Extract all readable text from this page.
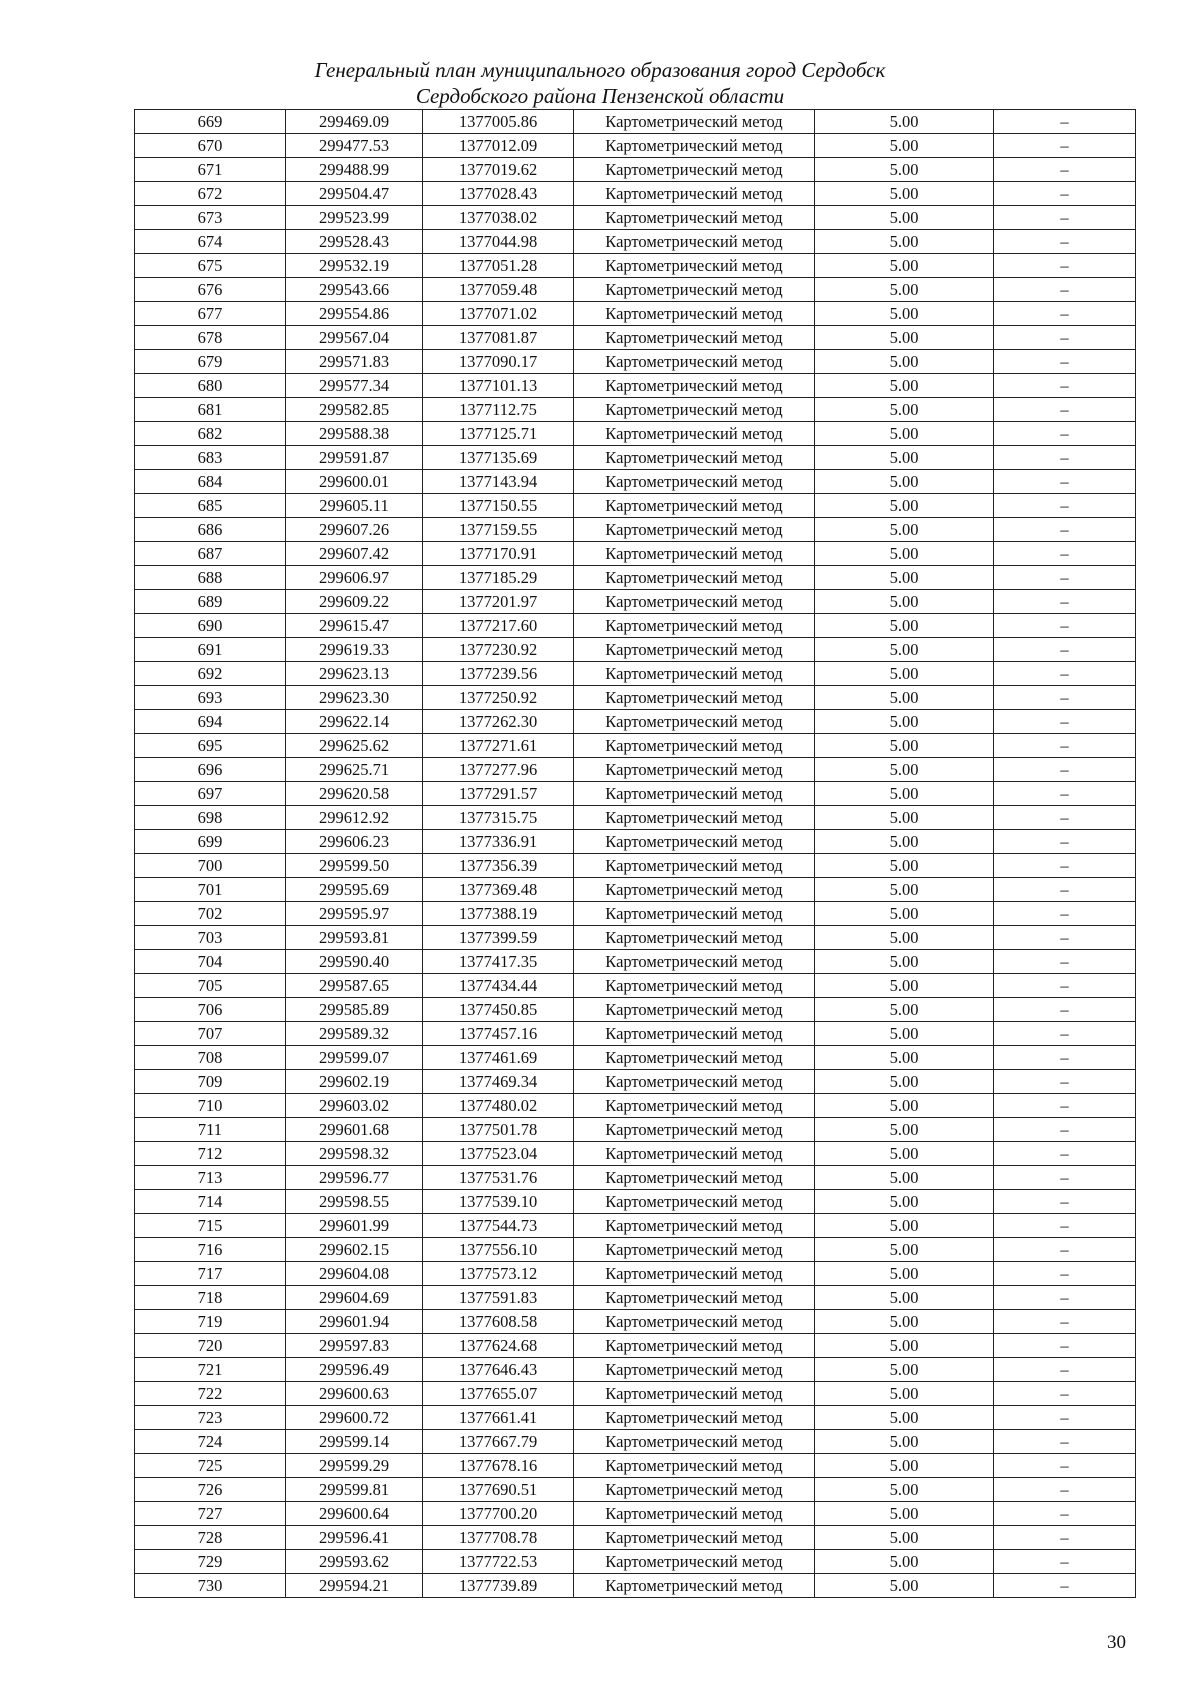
Генеральный план муниципального образования город Сердобск
Сердобского района Пензенской области
669	299469.09	1377005.86	Картометрический метод	5.00	–
670	299477.53	1377012.09	Картометрический метод	5.00	–
671	299488.99	1377019.62	Картометрический метод	5.00	–
672	299504.47	1377028.43	Картометрический метод	5.00	–
673	299523.99	1377038.02	Картометрический метод	5.00	–
674	299528.43	1377044.98	Картометрический метод	5.00	–
675	299532.19	1377051.28	Картометрический метод	5.00	–
676	299543.66	1377059.48	Картометрический метод	5.00	–
677	299554.86	1377071.02	Картометрический метод	5.00	–
678	299567.04	1377081.87	Картометрический метод	5.00	–
679	299571.83	1377090.17	Картометрический метод	5.00	–
680	299577.34	1377101.13	Картометрический метод	5.00	–
681	299582.85	1377112.75	Картометрический метод	5.00	–
682	299588.38	1377125.71	Картометрический метод	5.00	–
683	299591.87	1377135.69	Картометрический метод	5.00	–
684	299600.01	1377143.94	Картометрический метод	5.00	–
685	299605.11	1377150.55	Картометрический метод	5.00	–
686	299607.26	1377159.55	Картометрический метод	5.00	–
687	299607.42	1377170.91	Картометрический метод	5.00	–
688	299606.97	1377185.29	Картометрический метод	5.00	–
689	299609.22	1377201.97	Картометрический метод	5.00	–
690	299615.47	1377217.60	Картометрический метод	5.00	–
691	299619.33	1377230.92	Картометрический метод	5.00	–
692	299623.13	1377239.56	Картометрический метод	5.00	–
693	299623.30	1377250.92	Картометрический метод	5.00	–
694	299622.14	1377262.30	Картометрический метод	5.00	–
695	299625.62	1377271.61	Картометрический метод	5.00	–
696	299625.71	1377277.96	Картометрический метод	5.00	–
697	299620.58	1377291.57	Картометрический метод	5.00	–
698	299612.92	1377315.75	Картометрический метод	5.00	–
699	299606.23	1377336.91	Картометрический метод	5.00	–
700	299599.50	1377356.39	Картометрический метод	5.00	–
701	299595.69	1377369.48	Картометрический метод	5.00	–
702	299595.97	1377388.19	Картометрический метод	5.00	–
703	299593.81	1377399.59	Картометрический метод	5.00	–
704	299590.40	1377417.35	Картометрический метод	5.00	–
705	299587.65	1377434.44	Картометрический метод	5.00	–
706	299585.89	1377450.85	Картометрический метод	5.00	–
707	299589.32	1377457.16	Картометрический метод	5.00	–
708	299599.07	1377461.69	Картометрический метод	5.00	–
709	299602.19	1377469.34	Картометрический метод	5.00	–
710	299603.02	1377480.02	Картометрический метод	5.00	–
711	299601.68	1377501.78	Картометрический метод	5.00	–
712	299598.32	1377523.04	Картометрический метод	5.00	–
713	299596.77	1377531.76	Картометрический метод	5.00	–
714	299598.55	1377539.10	Картометрический метод	5.00	–
715	299601.99	1377544.73	Картометрический метод	5.00	–
716	299602.15	1377556.10	Картометрический метод	5.00	–
717	299604.08	1377573.12	Картометрический метод	5.00	–
718	299604.69	1377591.83	Картометрический метод	5.00	–
719	299601.94	1377608.58	Картометрический метод	5.00	–
720	299597.83	1377624.68	Картометрический метод	5.00	–
721	299596.49	1377646.43	Картометрический метод	5.00	–
722	299600.63	1377655.07	Картометрический метод	5.00	–
723	299600.72	1377661.41	Картометрический метод	5.00	–
724	299599.14	1377667.79	Картометрический метод	5.00	–
725	299599.29	1377678.16	Картометрический метод	5.00	–
726	299599.81	1377690.51	Картометрический метод	5.00	–
727	299600.64	1377700.20	Картометрический метод	5.00	–
728	299596.41	1377708.78	Картометрический метод	5.00	–
729	299593.62	1377722.53	Картометрический метод	5.00	–
730	299594.21	1377739.89	Картометрический метод	5.00	–
30
